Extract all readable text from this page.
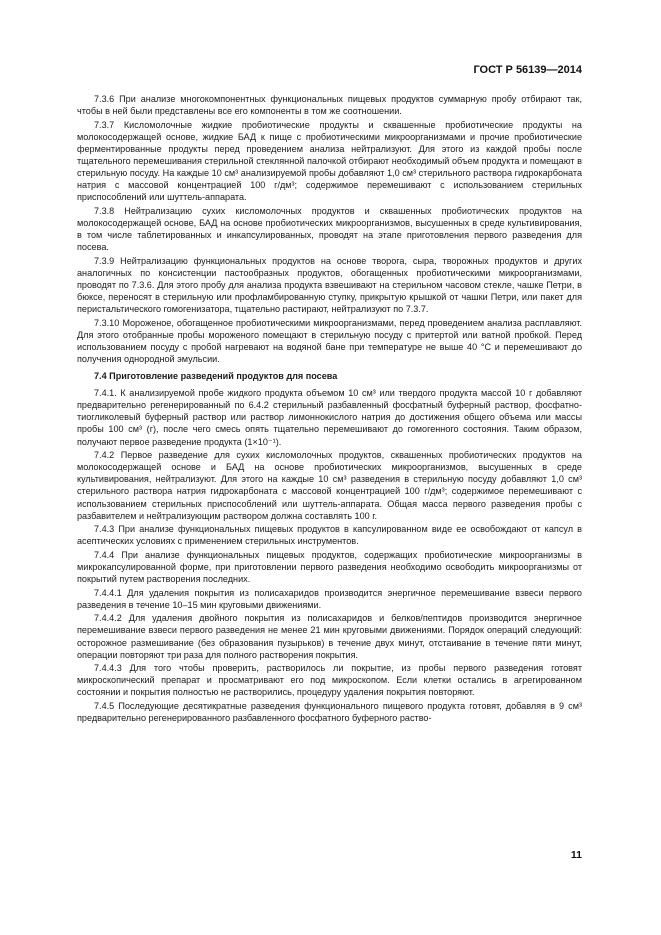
ГОСТ Р 56139—2014

7.3.6 При анализе многокомпонентных функциональных пищевых продуктов суммарную пробу отбирают так, чтобы в ней были представлены все его компоненты в том же соотношении.

7.3.7 Кисломолочные жидкие пробиотические продукты и сквашенные пробиотические продукты на молокосодержащей основе, жидкие БАД к пище с пробиотическими микроорганизмами и прочие пробиотические ферментированные продукты перед проведением анализа нейтрализуют. Для этого из каждой пробы после тщательного перемешивания стерильной стеклянной палочкой отбирают необходимый объем продукта и помещают в стерильную посуду. На каждые 10 см³ анализируемой пробы добавляют 1,0 см³ стерильного раствора гидрокарбоната натрия с массовой концентрацией 100 г/дм³; содержимое перемешивают с использованием стерильных приспособлений или шуттель-аппарата.

7.3.8 Нейтрализацию сухих кисломолочных продуктов и сквашенных пробиотических продуктов на молокосодержащей основе, БАД на основе пробиотических микроорганизмов, высушенных в среде культивирования, в том числе таблетированных и инкапсулированных, проводят на этапе приготовления первого разведения для посева.

7.3.9 Нейтрализацию функциональных продуктов на основе творога, сыра, творожных продуктов и других аналогичных по консистенции пастообразных продуктов, обогащенных пробиотическими микроорганизмами, проводят по 7.3.6. Для этого пробу для анализа продукта взвешивают на стерильном часовом стекле, чашке Петри, в бюксе, переносят в стерильную или профламбированную ступку, прикрытую крышкой от чашки Петри, или пакет для перистальтического гомогенизатора, тщательно растирают, нейтрализуют по 7.3.7.

7.3.10 Мороженое, обогащенное пробиотическими микроорганизмами, перед проведением анализа расплавляют. Для этого отобранные пробы мороженого помещают в стерильную посуду с притертой или ватной пробкой. Перед использованием посуду с пробой нагревают на водяной бане при температуре не выше 40 °С и перемешивают до получения однородной эмульсии.

7.4 Приготовление разведений продуктов для посева

7.4.1. К анализируемой пробе жидкого продукта объемом 10 см³ или твердого продукта массой 10 г добавляют предварительно регенерированный по 6.4.2 стерильный разбавленный фосфатный буферный раствор, фосфатно-тиогликолевый буферный раствор или раствор лимоннокислого натрия до достижения общего объема или массы пробы 100 см³ (г), после чего смесь опять тщательно перемешивают до гомогенного состояния. Таким образом, получают первое разведение продукта (1×10⁻¹).

7.4.2 Первое разведение для сухих кисломолочных продуктов, сквашенных пробиотических продуктов на молокосодержащей основе и БАД на основе пробиотических микроорганизмов, высушенных в среде культивирования, нейтрализуют. Для этого на каждые 10 см³ разведения в стерильную посуду добавляют 1,0 см³ стерильного раствора натрия гидрокарбоната с массовой концентрацией 100 г/дм³; содержимое перемешивают с использованием стерильных приспособлений или шуттель-аппарата. Общая масса первого разведения пробы с разбавителем и нейтрализующим раствором должна составлять 100 г.

7.4.3 При анализе функциональных пищевых продуктов в капсулированном виде ее освобождают от капсул в асептических условиях с применением стерильных инструментов.

7.4.4 При анализе функциональных пищевых продуктов, содержащих пробиотические микроорганизмы в микрокапсулированной форме, при приготовлении первого разведения необходимо освободить микроорганизмы от покрытий путем растворения последних.

7.4.4.1 Для удаления покрытия из полисахаридов производится энергичное перемешивание взвеси первого разведения в течение 10–15 мин круговыми движениями.

7.4.4.2 Для удаления двойного покрытия из полисахаридов и белков/пептидов производится энергичное перемешивание взвеси первого разведения не менее 21 мин круговыми движениями. Порядок операций следующий: осторожное размешивание (без образования пузырьков) в течение двух минут, отстаивание в течение пяти минут, операции повторяют три раза для полного растворения покрытия.

7.4.4.3 Для того чтобы проверить, растворилось ли покрытие, из пробы первого разведения готовят микроскопический препарат и просматривают его под микроскопом. Если клетки остались в агрегированном состоянии и покрытия полностью не растворились, процедуру удаления покрытия повторяют.

7.4.5 Последующие десятикратные разведения функционального пищевого продукта готовят, добавляя в 9 см³ предварительно регенерированного разбавленного фосфатного буферного раство-

11
